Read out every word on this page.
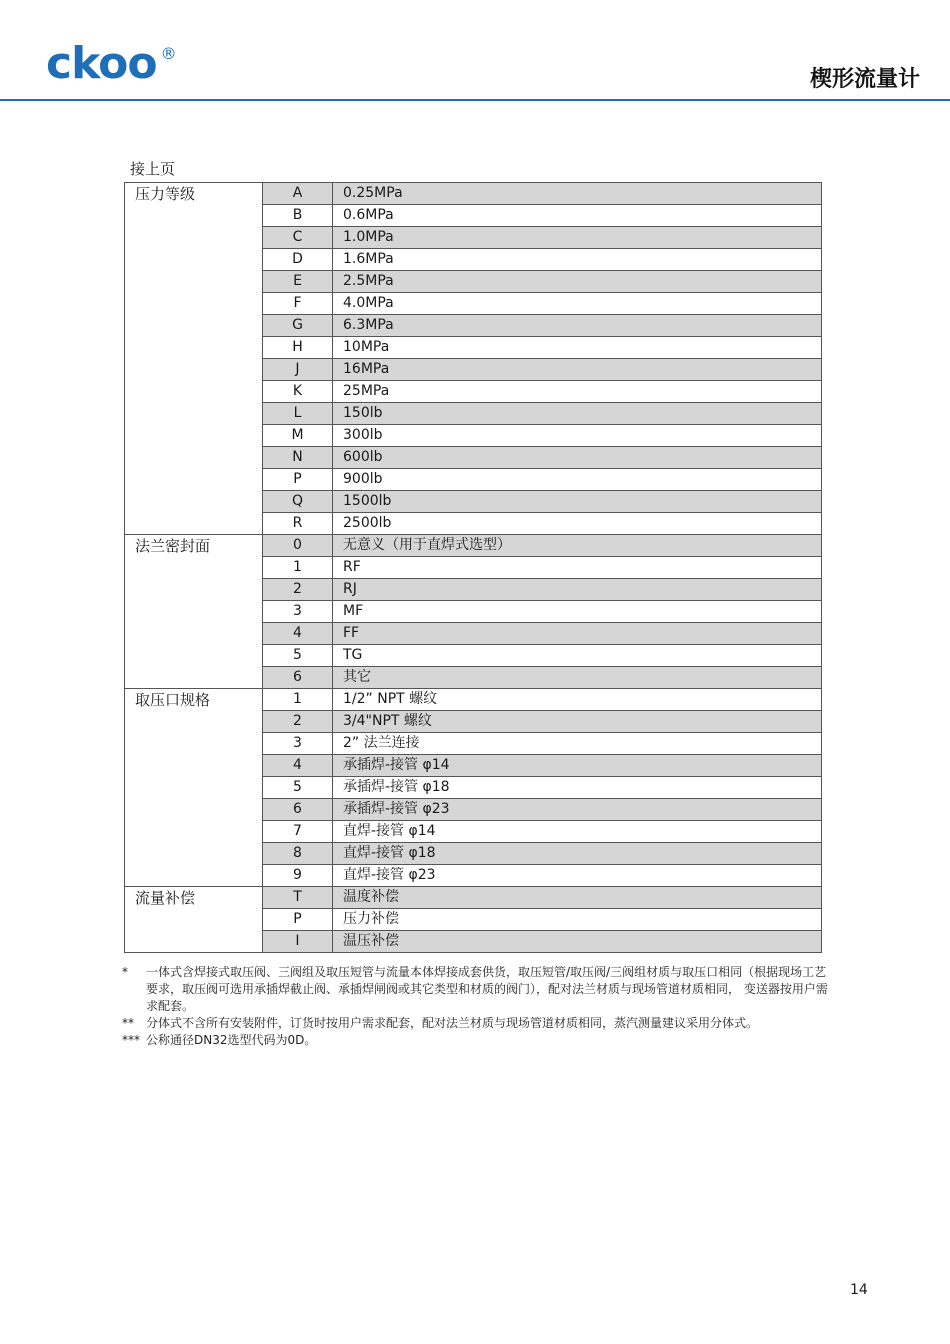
ckoo ®
楔形流量计
接上页
压力等级	A	0.25MPa
	B	0.6MPa
	C	1.0MPa
	D	1.6MPa
	E	2.5MPa
	F	4.0MPa
	G	6.3MPa
	H	10MPa
	J	16MPa
	K	25MPa
	L	150lb
	M	300lb
	N	600lb
	P	900lb
	Q	1500lb
	R	2500lb
法兰密封面	0	无意义（用于直焊式选型）
	1	RF
	2	RJ
	3	MF
	4	FF
	5	TG
	6	其它
取压口规格	1	1/2” NPT 螺纹
	2	3/4"NPT 螺纹
	3	2” 法兰连接
	4	承插焊-接管 φ14
	5	承插焊-接管 φ18
	6	承插焊-接管 φ23
	7	直焊-接管 φ14
	8	直焊-接管 φ18
	9	直焊-接管 φ23
流量补偿	T	温度补偿
	P	压力补偿
	I	温压补偿
*	一体式含焊接式取压阀、三阀组及取压短管与流量本体焊接成套供货，取压短管/取压阀/三阀组材质与取压口相同（根据现场工艺要求，取压阀可选用承插焊截止阀、承插焊闸阀或其它类型和材质的阀门），配对法兰材质与现场管道材质相同， 变送器按用户需求配套。
**	分体式不含所有安装附件，订货时按用户需求配套，配对法兰材质与现场管道材质相同，蒸汽测量建议采用分体式。
*** 公称通径DN32选型代码为0D。
14
